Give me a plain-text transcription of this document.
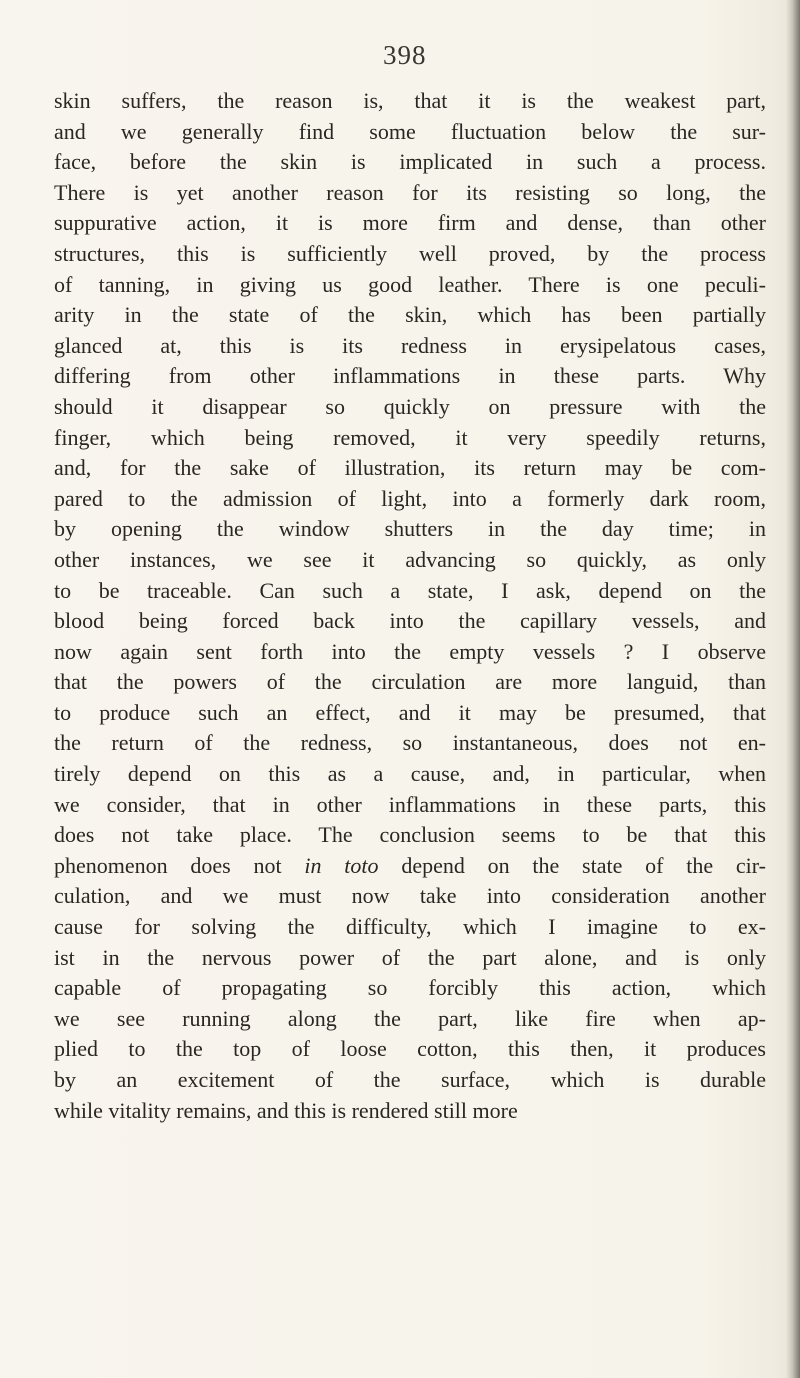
398
skin suffers, the reason is, that it is the weakest part,
and we generally find some fluctuation below the sur-
face, before the skin is implicated in such a process.
There is yet another reason for its resisting so long, the
suppurative action, it is more firm and dense, than other
structures, this is sufficiently well proved, by the process
of tanning, in giving us good leather. There is one peculi-
arity in the state of the skin, which has been partially
glanced at, this is its redness in erysipelatous cases,
differing from other inflammations in these parts. Why
should it disappear so quickly on pressure with the
finger, which being removed, it very speedily returns,
and, for the sake of illustration, its return may be com-
pared to the admission of light, into a formerly dark room,
by opening the window shutters in the day time; in
other instances, we see it advancing so quickly, as only
to be traceable. Can such a state, I ask, depend on the
blood being forced back into the capillary vessels, and
now again sent forth into the empty vessels ? I observe
that the powers of the circulation are more languid, than
to produce such an effect, and it may be presumed, that
the return of the redness, so instantaneous, does not en-
tirely depend on this as a cause, and, in particular, when
we consider, that in other inflammations in these parts, this
does not take place. The conclusion seems to be that this
phenomenon does not in toto depend on the state of the cir-
culation, and we must now take into consideration another
cause for solving the difficulty, which I imagine to ex-
ist in the nervous power of the part alone, and is only
capable of propagating so forcibly this action, which
we see running along the part, like fire when ap-
plied to the top of loose cotton, this then, it produces
by an excitement of the surface, which is durable
while vitality remains, and this is rendered still more
